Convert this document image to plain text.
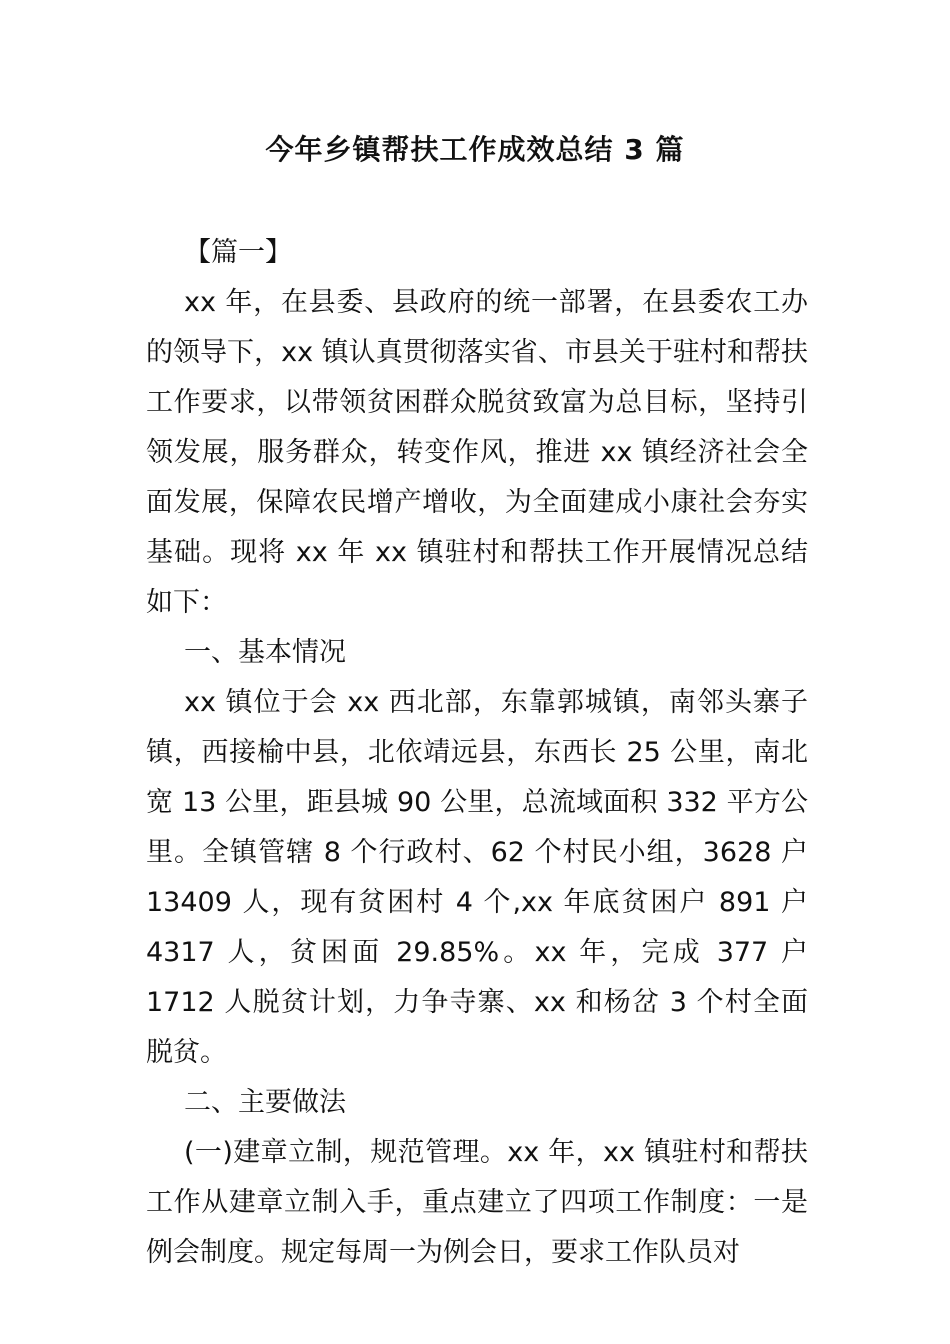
今年乡镇帮扶工作成效总结 3 篇

【篇一】

xx 年，在县委、县政府的统一部署，在县委农工办的领导下，xx 镇认真贯彻落实省、市县关于驻村和帮扶工作要求，以带领贫困群众脱贫致富为总目标，坚持引领发展，服务群众，转变作风，推进 xx 镇经济社会全面发展，保障农民增产增收，为全面建成小康社会夯实基础。现将 xx 年 xx 镇驻村和帮扶工作开展情况总结如下：

一、基本情况

xx 镇位于会 xx 西北部，东靠郭城镇，南邻头寨子镇，西接榆中县，北依靖远县，东西长 25 公里，南北宽 13 公里，距县城 90 公里，总流域面积 332 平方公里。全镇管辖 8 个行政村、62 个村民小组，3628 户 13409 人，现有贫困村 4 个,xx 年底贫困户 891 户 4317 人，贫困面 29.85%。xx 年，完成 377 户 1712 人脱贫计划，力争寺寨、xx 和杨岔 3 个村全面脱贫。

二、主要做法

(一)建章立制，规范管理。xx 年，xx 镇驻村和帮扶工作从建章立制入手，重点建立了四项工作制度：一是例会制度。规定每周一为例会日，要求工作队员对
